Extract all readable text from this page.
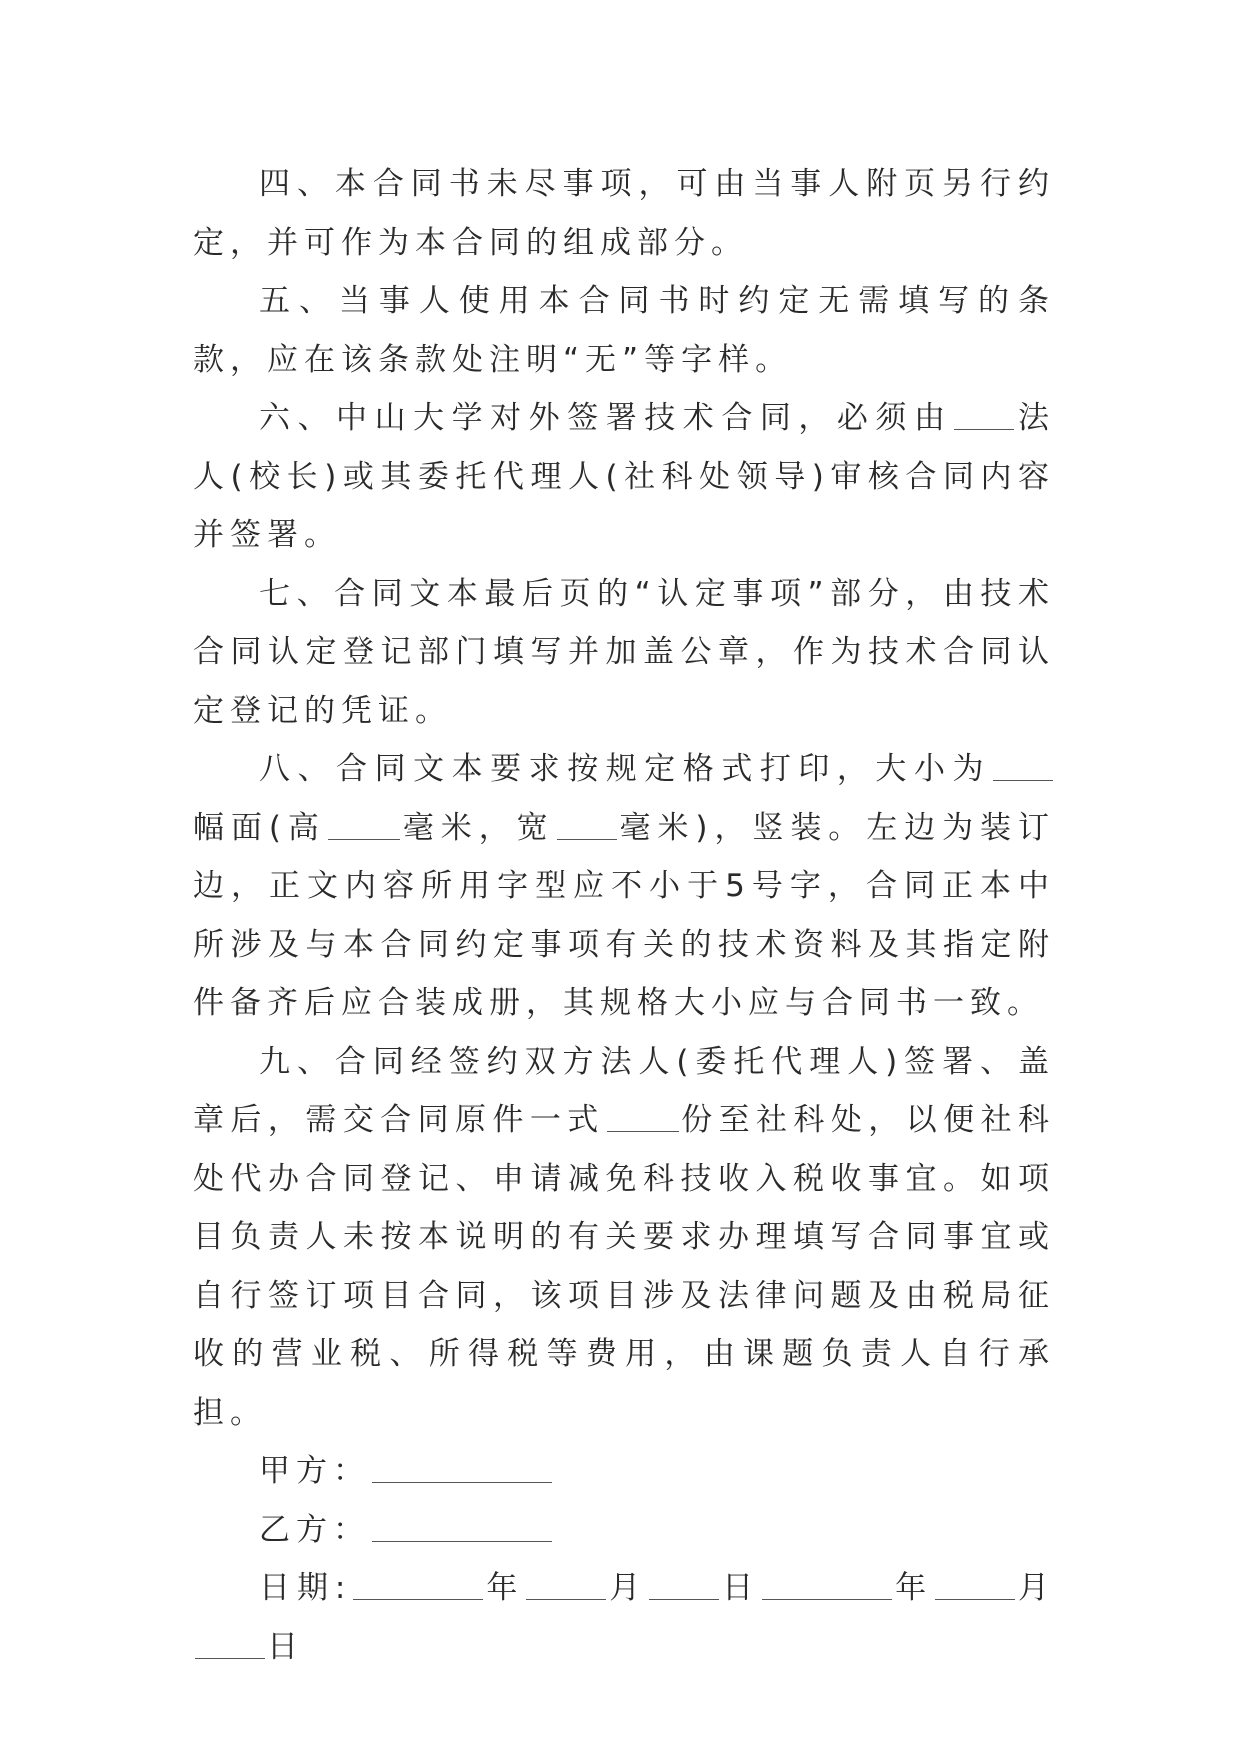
四、本合同书未尽事项，可由当事人附页另行约定，并可作为本合同的组成部分。

五、当事人使用本合同书时约定无需填写的条款，应在该条款处注明“无”等字样。

六、中山大学对外签署技术合同，必须由 法人(校长)或其委托代理人(社科处领导)审核合同内容并签署。

七、合同文本最后页的“认定事项”部分，由技术合同认定登记部门填写并加盖公章，作为技术合同认定登记的凭证。

八、合同文本要求按规定格式打印，大小为幅面(高 毫米，宽 毫米)，竖装。左边为装订边，正文内容所用字型应不小于5号字，合同正本中所涉及与本合同约定事项有关的技术资料及其指定附件备齐后应合装成册，其规格大小应与合同书一致。

九、合同经签约双方法人(委托代理人)签署、盖章后，需交合同原件一式 份至社科处，以便社科处代办合同登记、申请减免科技收入税收事宜。如项目负责人未按本说明的有关要求办理填写合同事宜或自行签订项目合同，该项目涉及法律问题及由税局征收的营业税、所得税等费用，由课题负责人自行承担。

甲方：

乙方：

日期:	年	月 日	年	月日
